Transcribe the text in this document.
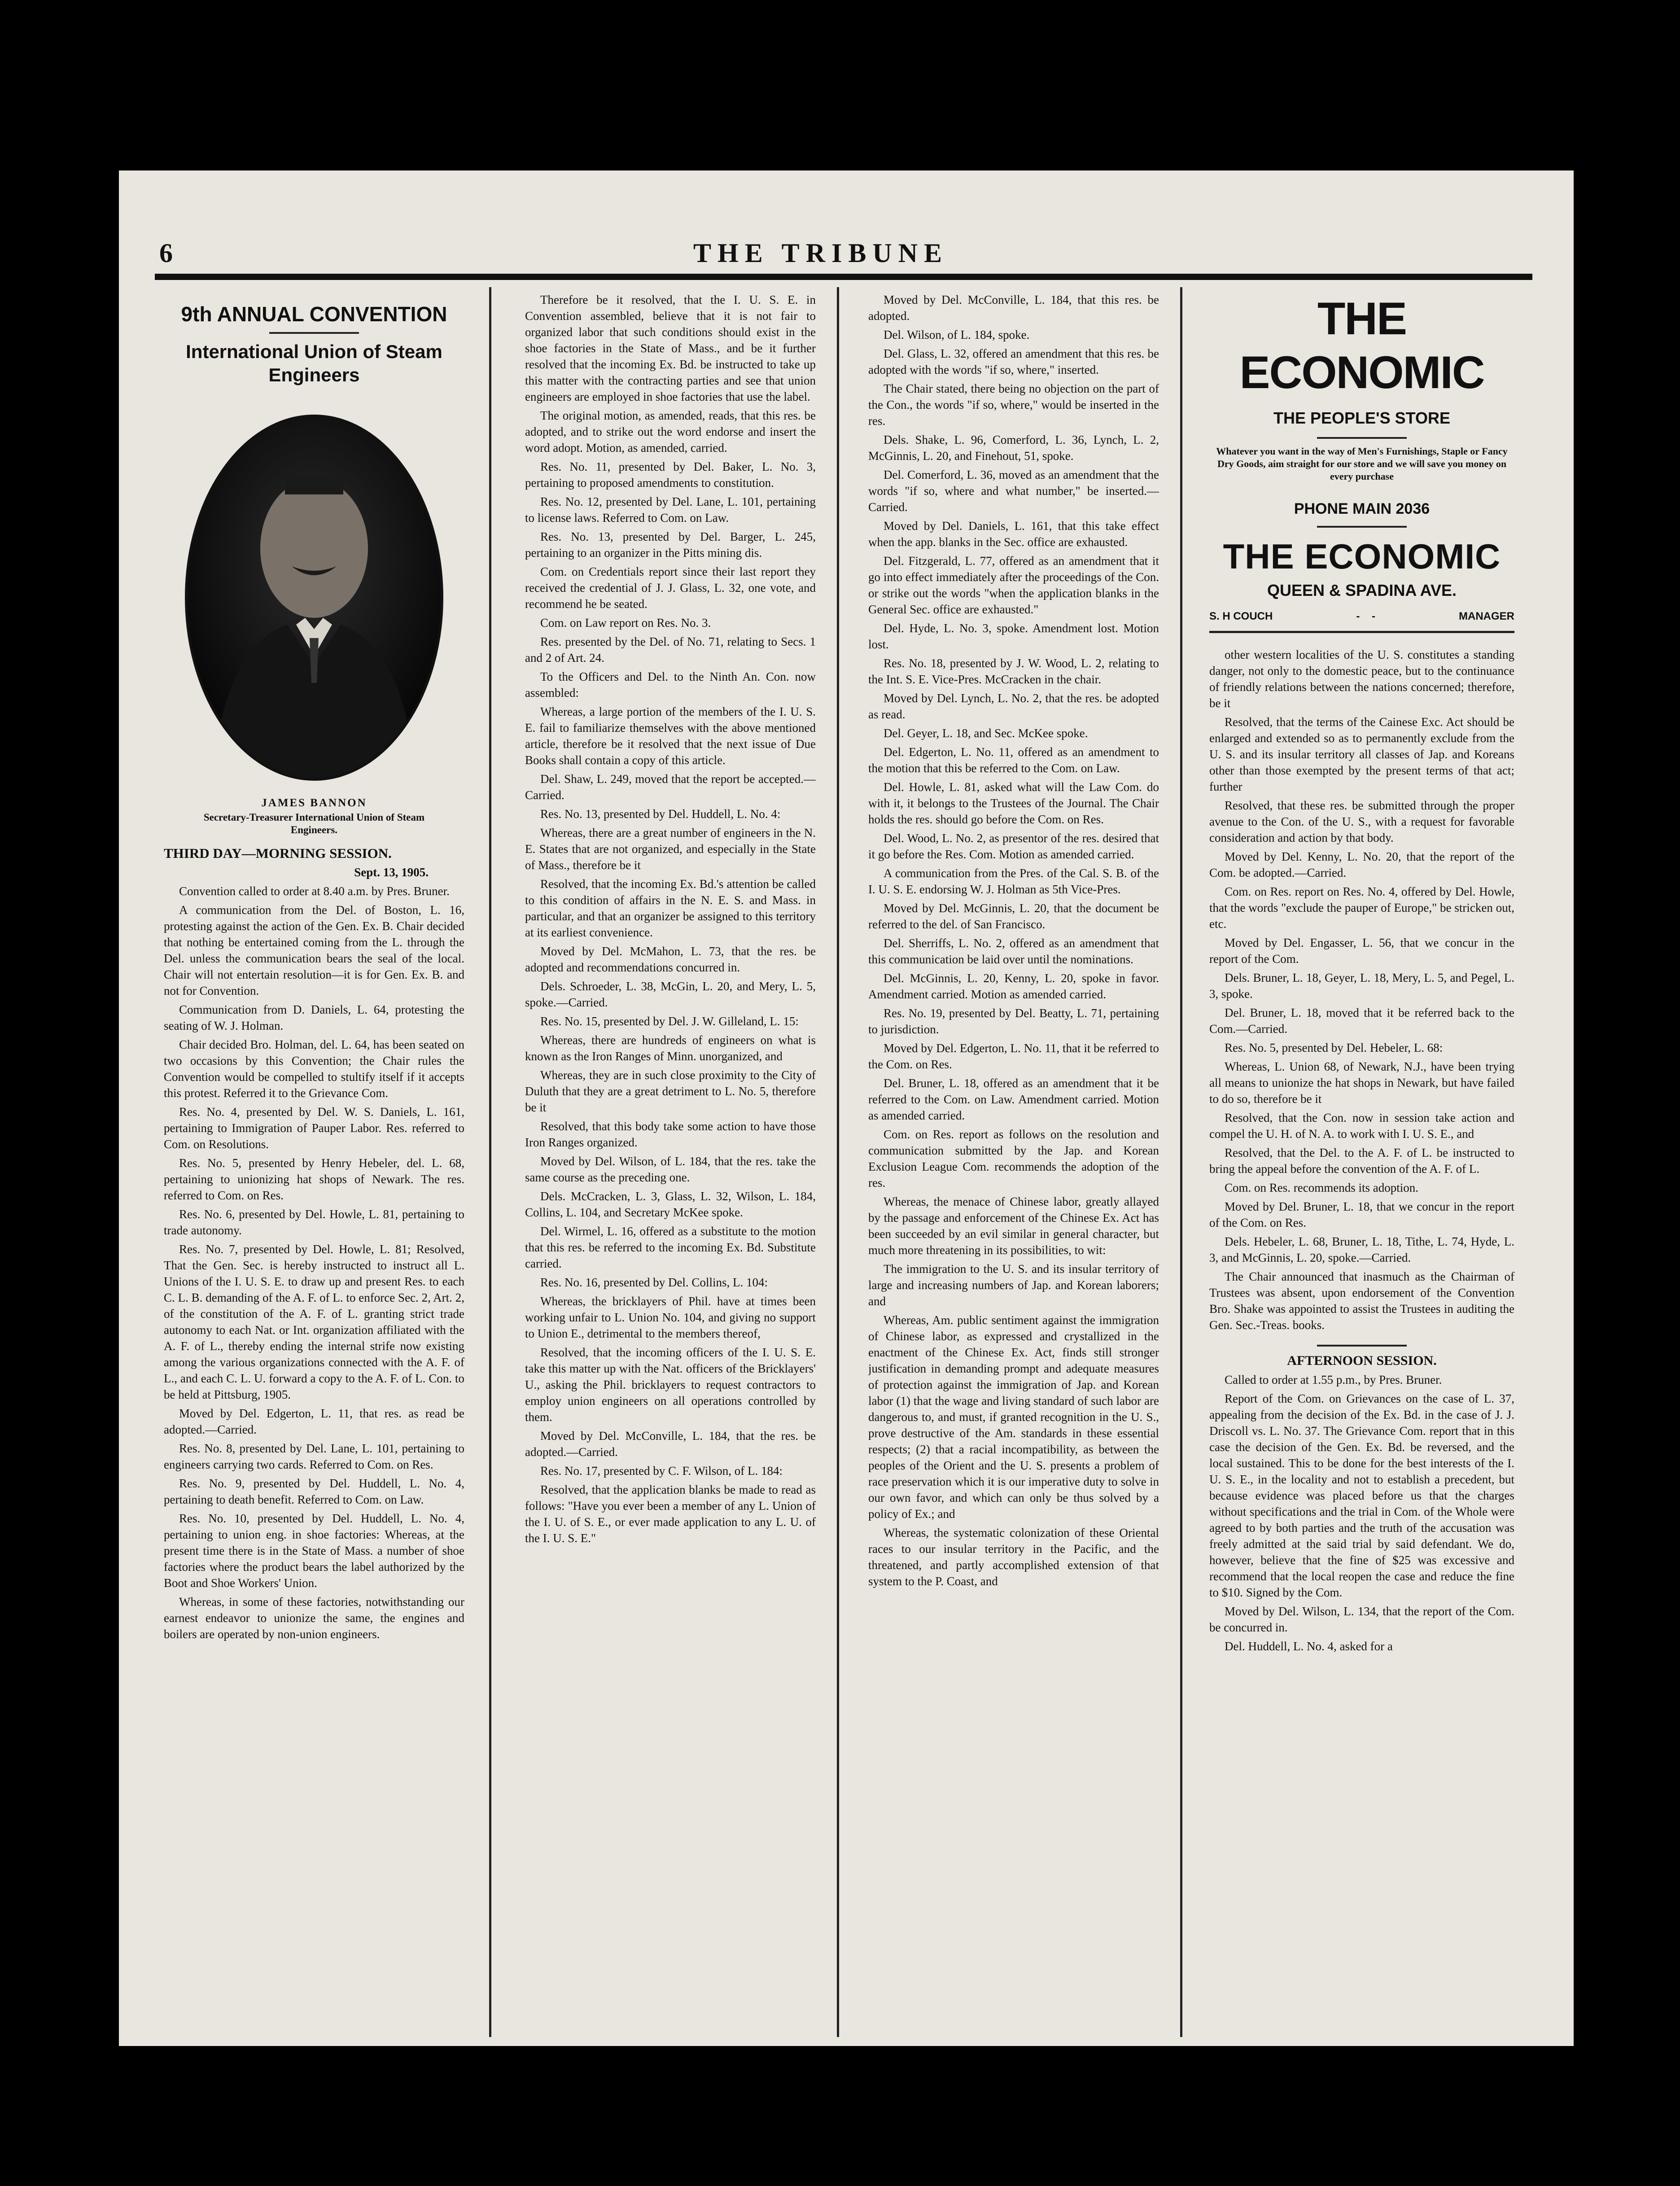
6	THE TRIBUNE
9th ANNUAL CONVENTION
International Union of Steam Engineers

JAMES BANNON

Secretary-Treasurer International Union of Steam Engineers.

THIRD DAY—MORNING SESSION.

Sept. 13, 1905.

Convention called to order at 8.40 a.m. by Pres. Bruner.

A communication from the Del. of Boston, L. 16, protesting against the action of the Gen. Ex. B. Chair decided that nothing be entertained coming from the L. through the Del. unless the communication bears the seal of the local. Chair will not entertain resolution—it is for Gen. Ex. B. and not for Convention.

Communication from D. Daniels, L. 64, protesting the seating of W. J. Holman.

Chair decided Bro. Holman, del. L. 64, has been seated on two occasions by this Convention; the Chair rules the Convention would be compelled to stultify itself if it accepts this protest. Referred it to the Grievance Com.

Res. No. 4, presented by Del. W. S. Daniels, L. 161, pertaining to Immigration of Pauper Labor. Res. referred to Com. on Resolutions.

Res. No. 5, presented by Henry Hebeler, del. L. 68, pertaining to unionizing hat shops of Newark. The res. referred to Com. on Res.

Res. No. 6, presented by Del. Howle, L. 81, pertaining to trade autonomy.

Res. No. 7, presented by Del. Howle, L. 81; Resolved, That the Gen. Sec. is hereby instructed to instruct all L. Unions of the I. U. S. E. to draw up and present Res. to each C. L. B. demanding of the A. F. of L. to enforce Sec. 2, Art. 2, of the constitution of the A. F. of L. granting strict trade autonomy to each Nat. or Int. organization affiliated with the A. F. of L., thereby ending the internal strife now existing among the various organizations connected with the A. F. of L., and each C. L. U. forward a copy to the A. F. of L. Con. to be held at Pittsburg, 1905.

Moved by Del. Edgerton, L. 11, that res. as read be adopted.—Carried.

Res. No. 8, presented by Del. Lane, L. 101, pertaining to engineers carrying two cards. Referred to Com. on Res.

Res. No. 9, presented by Del. Huddell, L. No. 4, pertaining to death benefit. Referred to Com. on Law.

Res. No. 10, presented by Del. Huddell, L. No. 4, pertaining to union eng. in shoe factories: Whereas, at the present time there is in the State of Mass. a number of shoe factories where the product bears the label authorized by the Boot and Shoe Workers' Union.

Whereas, in some of these factories, notwithstanding our earnest endeavor to unionize the same, the engines and boilers are operated by non-union engineers.

Therefore be it resolved, that the I. U. S. E. in Convention assembled, believe that it is not fair to organized labor that such conditions should exist in the shoe factories in the State of Mass., and be it further resolved that the incoming Ex. Bd. be instructed to take up this matter with the contracting parties and see that union engineers are employed in shoe factories that use the label.

The original motion, as amended, reads, that this res. be adopted, and to strike out the word endorse and insert the word adopt. Motion, as amended, carried.

Res. No. 11, presented by Del. Baker, L. No. 3, pertaining to proposed amendments to constitution.

Res. No. 12, presented by Del. Lane, L. 101, pertaining to license laws. Referred to Com. on Law.

Res. No. 13, presented by Del. Barger, L. 245, pertaining to an organizer in the Pitts mining dis.

Com. on Credentials report since their last report they received the credential of J. J. Glass, L. 32, one vote, and recommend he be seated.

Com. on Law report on Res. No. 3.

Res. presented by the Del. of No. 71, relating to Secs. 1 and 2 of Art. 24.

To the Officers and Del. to the Ninth An. Con. now assembled:

Whereas, a large portion of the members of the I. U. S. E. fail to familiarize themselves with the above mentioned article, therefore be it resolved that the next issue of Due Books shall contain a copy of this article.

Del. Shaw, L. 249, moved that the report be accepted.—Carried.

Res. No. 13, presented by Del. Huddell, L. No. 4:

Whereas, there are a great number of engineers in the N. E. States that are not organized, and especially in the State of Mass., therefore be it

Resolved, that the incoming Ex. Bd.'s attention be called to this condition of affairs in the N. E. S. and Mass. in particular, and that an organizer be assigned to this territory at its earliest convenience.

Moved by Del. McMahon, L. 73, that the res. be adopted and recommendations concurred in.

Dels. Schroeder, L. 38, McGin, L. 20, and Mery, L. 5, spoke.—Carried.

Res. No. 15, presented by Del. J. W. Gilleland, L. 15:

Whereas, there are hundreds of engineers on what is known as the Iron Ranges of Minn. unorganized, and

Whereas, they are in such close proximity to the City of Duluth that they are a great detriment to L. No. 5, therefore be it

Resolved, that this body take some action to have those Iron Ranges organized.

Moved by Del. Wilson, of L. 184, that the res. take the same course as the preceding one.

Dels. McCracken, L. 3, Glass, L. 32, Wilson, L. 184, Collins, L. 104, and Secretary McKee spoke.

Del. Wirmel, L. 16, offered as a substitute to the motion that this res. be referred to the incoming Ex. Bd. Substitute carried.

Res. No. 16, presented by Del. Collins, L. 104:

Whereas, the bricklayers of Phil. have at times been working unfair to L. Union No. 104, and giving no support to Union E., detrimental to the members thereof,

Resolved, that the incoming officers of the I. U. S. E. take this matter up with the Nat. officers of the Bricklayers' U., asking the Phil. bricklayers to request contractors to employ union engineers on all operations controlled by them.

Moved by Del. McConville, L. 184, that the res. be adopted.—Carried.

Res. No. 17, presented by C. F. Wilson, of L. 184:

Resolved, that the application blanks be made to read as follows: "Have you ever been a member of any L. Union of the I. U. of S. E., or ever made application to any L. U. of the I. U. S. E."

Moved by Del. McConville, L. 184, that this res. be adopted.

Del. Wilson, of L. 184, spoke.

Del. Glass, L. 32, offered an amendment that this res. be adopted with the words "if so, where," inserted.

The Chair stated, there being no objection on the part of the Con., the words "if so, where," would be inserted in the res.

Dels. Shake, L. 96, Comerford, L. 36, Lynch, L. 2, McGinnis, L. 20, and Finehout, 51, spoke.

Del. Comerford, L. 36, moved as an amendment that the words "if so, where and what number," be inserted.—Carried.

Moved by Del. Daniels, L. 161, that this take effect when the app. blanks in the Sec. office are exhausted.

Del. Fitzgerald, L. 77, offered as an amendment that it go into effect immediately after the proceedings of the Con. or strike out the words "when the application blanks in the General Sec. office are exhausted."

Del. Hyde, L. No. 3, spoke. Amendment lost. Motion lost.

Res. No. 18, presented by J. W. Wood, L. 2, relating to the Int. S. E. Vice-Pres. McCracken in the chair.

Moved by Del. Lynch, L. No. 2, that the res. be adopted as read.

Del. Geyer, L. 18, and Sec. McKee spoke.

Del. Edgerton, L. No. 11, offered as an amendment to the motion that this be referred to the Com. on Law.

Del. Howle, L. 81, asked what will the Law Com. do with it, it belongs to the Trustees of the Journal. The Chair holds the res. should go before the Com. on Res.

Del. Wood, L. No. 2, as presentor of the res. desired that it go before the Res. Com. Motion as amended carried.

A communication from the Pres. of the Cal. S. B. of the I. U. S. E. endorsing W. J. Holman as 5th Vice-Pres.

Moved by Del. McGinnis, L. 20, that the document be referred to the del. of San Francisco.

Del. Sherriffs, L. No. 2, offered as an amendment that this communication be laid over until the nominations.

Del. McGinnis, L. 20, Kenny, L. 20, spoke in favor. Amendment carried. Motion as amended carried.

Res. No. 19, presented by Del. Beatty, L. 71, pertaining to jurisdiction.

Moved by Del. Edgerton, L. No. 11, that it be referred to the Com. on Res.

Del. Bruner, L. 18, offered as an amendment that it be referred to the Com. on Law. Amendment carried. Motion as amended carried.

Com. on Res. report as follows on the resolution and communication submitted by the Jap. and Korean Exclusion League Com. recommends the adoption of the res.

Whereas, the menace of Chinese labor, greatly allayed by the passage and enforcement of the Chinese Ex. Act has been succeeded by an evil similar in general character, but much more threatening in its possibilities, to wit:

The immigration to the U. S. and its insular territory of large and increasing numbers of Jap. and Korean laborers; and

Whereas, Am. public sentiment against the immigration of Chinese labor, as expressed and crystallized in the enactment of the Chinese Ex. Act, finds still stronger justification in demanding prompt and adequate measures of protection against the immigration of Jap. and Korean labor (1) that the wage and living standard of such labor are dangerous to, and must, if granted recognition in the U. S., prove destructive of the Am. standards in these essential respects; (2) that a racial incompatibility, as between the peoples of the Orient and the U. S. presents a problem of race preservation which it is our imperative duty to solve in our own favor, and which can only be thus solved by a policy of Ex.; and

Whereas, the systematic colonization of these Oriental races to our insular territory in the Pacific, and the threatened, and partly accomplished extension of that system to the P. Coast, and

THE ECONOMIC
THE PEOPLE'S STORE
Whatever you want in the way of Men's Furnishings, Staple or Fancy Dry Goods, aim straight for our store and we will save you money on every purchase
PHONE MAIN 2036
THE ECONOMIC
QUEEN & SPADINA AVE.
S. H COUCH	-    -	MANAGER

other western localities of the U. S. constitutes a standing danger, not only to the domestic peace, but to the continuance of friendly relations between the nations concerned; therefore, be it

Resolved, that the terms of the Cainese Exc. Act should be enlarged and extended so as to permanently exclude from the U. S. and its insular territory all classes of Jap. and Koreans other than those exempted by the present terms of that act; further

Resolved, that these res. be submitted through the proper avenue to the Con. of the U. S., with a request for favorable consideration and action by that body.

Moved by Del. Kenny, L. No. 20, that the report of the Com. be adopted.—Carried.

Com. on Res. report on Res. No. 4, offered by Del. Howle, that the words "exclude the pauper of Europe," be stricken out, etc.

Moved by Del. Engasser, L. 56, that we concur in the report of the Com.

Dels. Bruner, L. 18, Geyer, L. 18, Mery, L. 5, and Pegel, L. 3, spoke.

Del. Bruner, L. 18, moved that it be referred back to the Com.—Carried.

Res. No. 5, presented by Del. Hebeler, L. 68:

Whereas, L. Union 68, of Newark, N.J., have been trying all means to unionize the hat shops in Newark, but have failed to do so, therefore be it

Resolved, that the Con. now in session take action and compel the U. H. of N. A. to work with I. U. S. E., and

Resolved, that the Del. to the A. F. of L. be instructed to bring the appeal before the convention of the A. F. of L.

Com. on Res. recommends its adoption.

Moved by Del. Bruner, L. 18, that we concur in the report of the Com. on Res.

Dels. Hebeler, L. 68, Bruner, L. 18, Tithe, L. 74, Hyde, L. 3, and McGinnis, L. 20, spoke.—Carried.

The Chair announced that inasmuch as the Chairman of Trustees was absent, upon endorsement of the Convention Bro. Shake was appointed to assist the Trustees in auditing the Gen. Sec.-Treas. books.

AFTERNOON SESSION.

Called to order at 1.55 p.m., by Pres. Bruner.

Report of the Com. on Grievances on the case of L. 37, appealing from the decision of the Ex. Bd. in the case of J. J. Driscoll vs. L. No. 37. The Grievance Com. report that in this case the decision of the Gen. Ex. Bd. be reversed, and the local sustained. This to be done for the best interests of the I. U. S. E., in the locality and not to establish a precedent, but because evidence was placed before us that the charges without specifications and the trial in Com. of the Whole were agreed to by both parties and the truth of the accusation was freely admitted at the said trial by said defendant. We do, however, believe that the fine of $25 was excessive and recommend that the local reopen the case and reduce the fine to $10. Signed by the Com.

Moved by Del. Wilson, L. 134, that the report of the Com. be concurred in.

Del. Huddell, L. No. 4, asked for a
